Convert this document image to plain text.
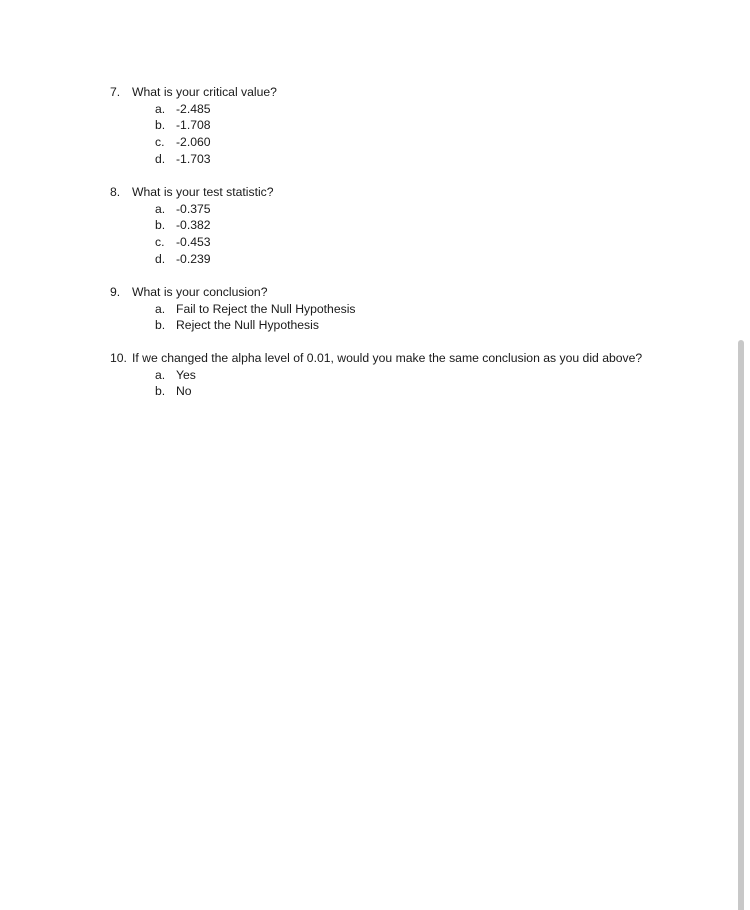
7. What is your critical value?
a. -2.485
b. -1.708
c. -2.060
d. -1.703
8. What is your test statistic?
a. -0.375
b. -0.382
c. -0.453
d. -0.239
9. What is your conclusion?
a. Fail to Reject the Null Hypothesis
b. Reject the Null Hypothesis
10. If we changed the alpha level of 0.01, would you make the same conclusion as you did above?
a. Yes
b. No
